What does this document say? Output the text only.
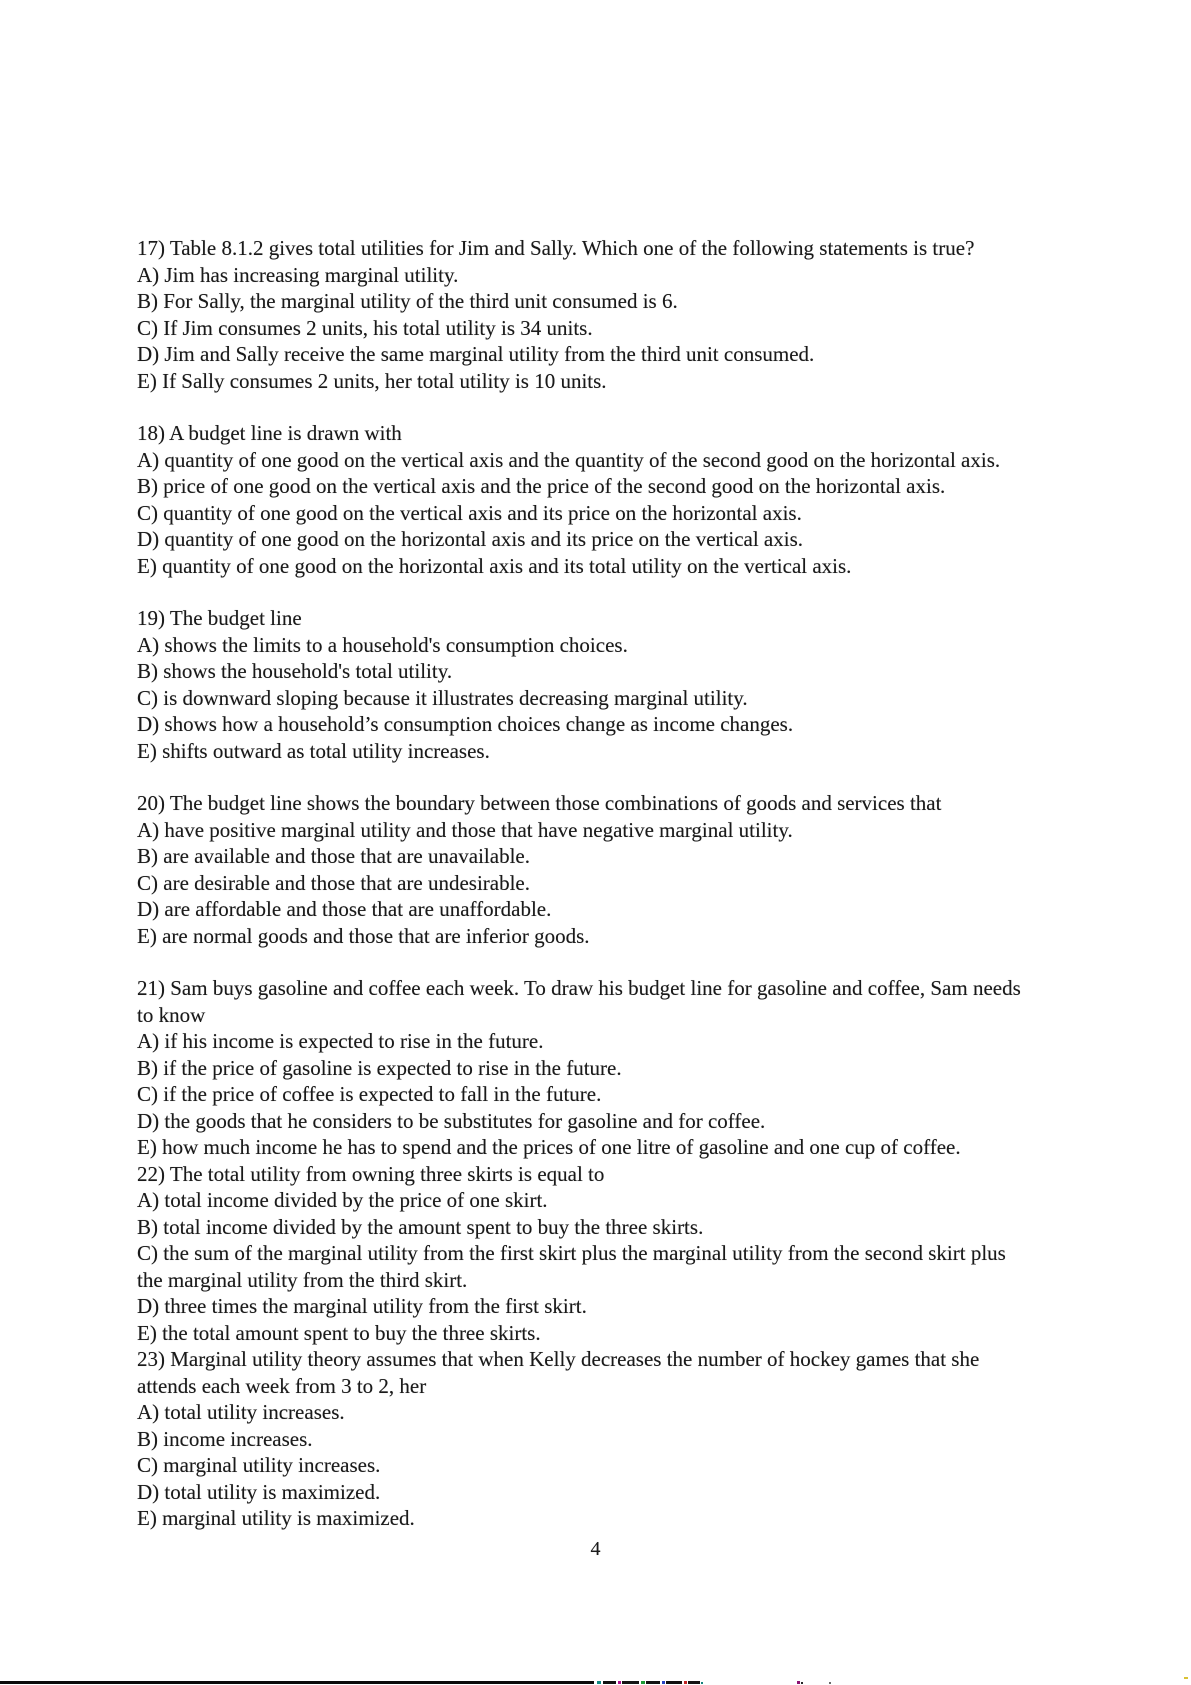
17) Table 8.1.2 gives total utilities for Jim and Sally. Which one of the following statements is true?

A) Jim has increasing marginal utility.

B) For Sally, the marginal utility of the third unit consumed is 6.

C) If Jim consumes 2 units, his total utility is 34 units.

D) Jim and Sally receive the same marginal utility from the third unit consumed.

E) If Sally consumes 2 units, her total utility is 10 units.

18) A budget line is drawn with

A) quantity of one good on the vertical axis and the quantity of the second good on the horizontal axis.

B) price of one good on the vertical axis and the price of the second good on the horizontal axis.

C) quantity of one good on the vertical axis and its price on the horizontal axis.

D) quantity of one good on the horizontal axis and its price on the vertical axis.

E) quantity of one good on the horizontal axis and its total utility on the vertical axis.

19) The budget line

A) shows the limits to a household's consumption choices.

B) shows the household's total utility.

C) is downward sloping because it illustrates decreasing marginal utility.

D) shows how a household’s consumption choices change as income changes.

E) shifts outward as total utility increases.

20) The budget line shows the boundary between those combinations of goods and services that

A) have positive marginal utility and those that have negative marginal utility.

B) are available and those that are unavailable.

C) are desirable and those that are undesirable.

D) are affordable and those that are unaffordable.

E) are normal goods and those that are inferior goods.

21) Sam buys gasoline and coffee each week. To draw his budget line for gasoline and coffee, Sam needs

to know

A) if his income is expected to rise in the future.

B) if the price of gasoline is expected to rise in the future.

C) if the price of coffee is expected to fall in the future.

D) the goods that he considers to be substitutes for gasoline and for coffee.

E) how much income he has to spend and the prices of one litre of gasoline and one cup of coffee.

22) The total utility from owning three skirts is equal to

A) total income divided by the price of one skirt.

B) total income divided by the amount spent to buy the three skirts.

C) the sum of the marginal utility from the first skirt plus the marginal utility from the second skirt plus

the marginal utility from the third skirt.

D) three times the marginal utility from the first skirt.

E) the total amount spent to buy the three skirts.

23) Marginal utility theory assumes that when Kelly decreases the number of hockey games that she

attends each week from 3 to 2, her

A) total utility increases.

B) income increases.

C) marginal utility increases.

D) total utility is maximized.

E) marginal utility is maximized.

4
